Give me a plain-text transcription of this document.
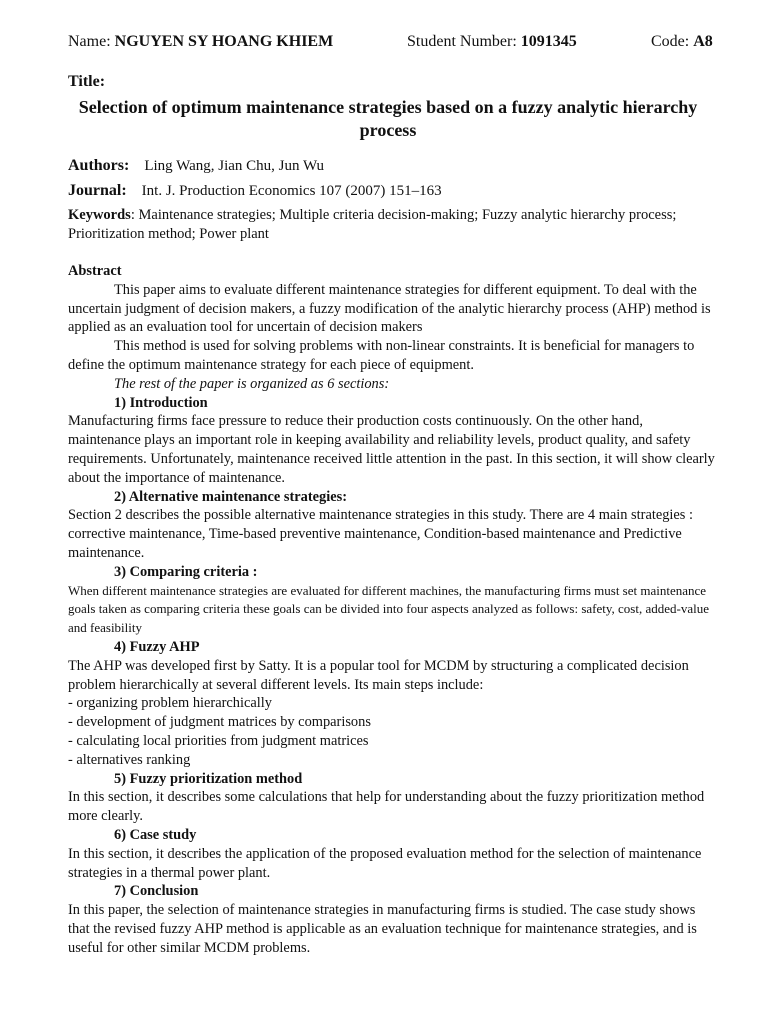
Name: NGUYEN SY HOANG KHIEM	Student Number: 1091345	Code: A8
Title:
Selection of optimum maintenance strategies based on a fuzzy analytic hierarchy process
Authors: Ling Wang, Jian Chu, Jun Wu
Journal: Int. J. Production Economics 107 (2007) 151–163
Keywords: Maintenance strategies; Multiple criteria decision-making; Fuzzy analytic hierarchy process; Prioritization method; Power plant

Abstract

This paper aims to evaluate different maintenance strategies for different equipment. To deal with the uncertain judgment of decision makers, a fuzzy modification of the analytic hierarchy process (AHP) method is applied as an evaluation tool for uncertain of decision makers

This method is used for solving problems with non-linear constraints. It is beneficial for managers to define the optimum maintenance strategy for each piece of equipment.

The rest of the paper is organized as 6 sections:

1) Introduction

Manufacturing firms face pressure to reduce their production costs continuously. On the other hand, maintenance plays an important role in keeping availability and reliability levels, product quality, and safety requirements. Unfortunately, maintenance received little attention in the past. In this section, it will show clearly about the importance of maintenance.

2) Alternative maintenance strategies:

Section 2 describes the possible alternative maintenance strategies in this study. There are 4 main strategies : corrective maintenance, Time-based preventive maintenance, Condition-based maintenance and Predictive maintenance.

3) Comparing criteria :

When different maintenance strategies are evaluated for different machines, the manufacturing firms must set maintenance goals taken as comparing criteria these goals can be divided into four aspects analyzed as follows: safety, cost, added-value and feasibility

4) Fuzzy AHP

The AHP was developed first by Satty. It is a popular tool for MCDM by structuring a complicated decision problem hierarchically at several different levels. Its main steps include:

- organizing problem hierarchically

- development of judgment matrices by comparisons

- calculating local priorities from judgment matrices

- alternatives ranking

5) Fuzzy prioritization method

In this section, it describes some calculations that help for understanding about the fuzzy prioritization method more clearly.

6) Case study

In this section, it describes the application of the proposed evaluation method for the selection of maintenance strategies in a thermal power plant.

7) Conclusion

In this paper, the selection of maintenance strategies in manufacturing firms is studied. The case study shows that the revised fuzzy AHP method is applicable as an evaluation technique for maintenance strategies, and is useful for other similar MCDM problems.
